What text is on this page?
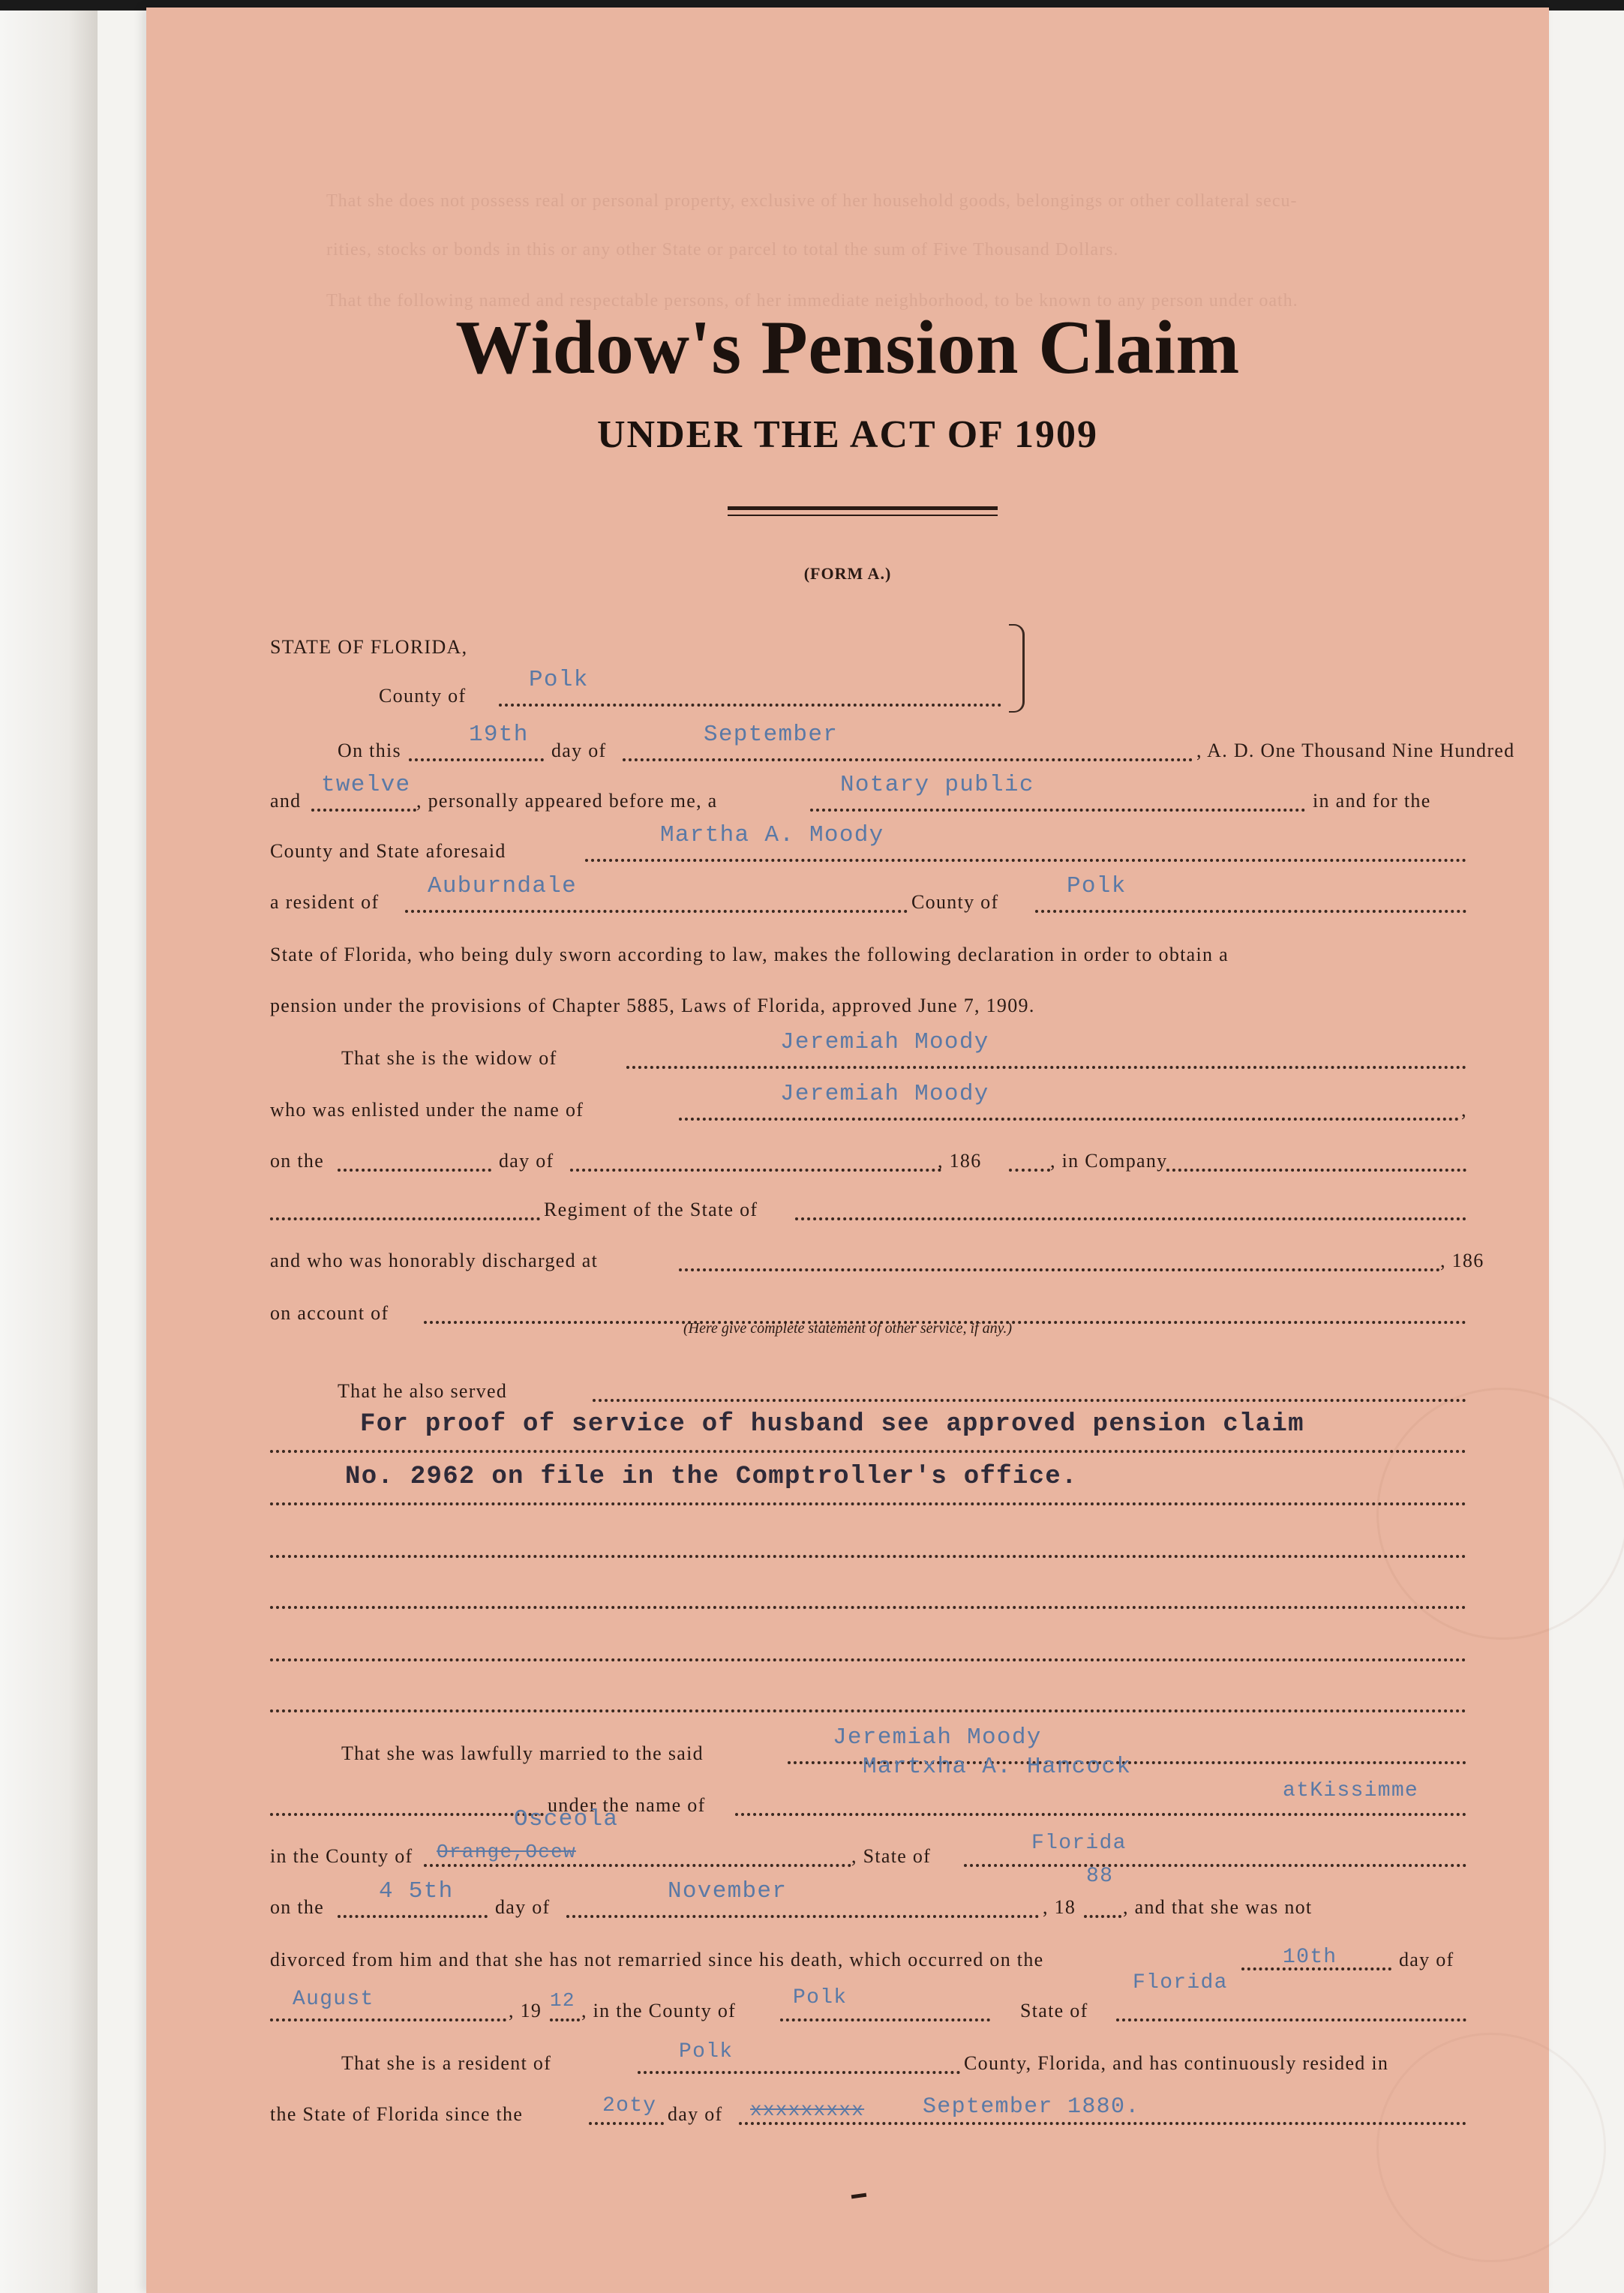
That she does not possess real or personal property, exclusive of her household goods, belongings or other collateral secu-

rities, stocks or bonds in this or any other State or parcel to total the sum of Five Thousand Dollars.

That the following named and respectable persons, of her immediate neighborhood, to be known to any person under oath.

Widow's Pension Claim
UNDER THE ACT OF 1909
(FORM A.)
STATE OF FLORIDA,
County of
Polk
On this
19th
day of
September
, A. D. One Thousand Nine Hundred
and
twelve
, personally appeared before me, a
Notary public
in and for the
County and State aforesaid
Martha A. Moody
a resident of
Auburndale
County of
Polk
State of Florida, who being duly sworn according to law, makes the following declaration in order to obtain a
pension under the provisions of Chapter 5885, Laws of Florida, approved June 7, 1909.
That she is the widow of
Jeremiah Moody
who was enlisted under the name of
Jeremiah Moody
,
on the	day of	, 186	, in Company
Regiment of the State of
and who was honorably discharged at	, 186
on account of
(Here give complete statement of other service, if any.)
That he also served
For proof of service of husband see approved pension claim
No. 2962 on file in the Comptroller's office.
That she was lawfully married to the said
Jeremiah Moody
under the name of
Martxha A. Hancock
atKissimme
in the County of
Osceola
Orange,Ocew	, State of
Florida
on the
4 5th
day of
November
, 18
88
, and that she was not
divorced from him and that she has not remarried since his death, which occurred on the	10th	day of
August	, 19 12 , in the County of
Polk
State of
Florida
That she is a resident of	Polk	County, Florida, and has continuously resided in
the State of Florida since the	2oty day of xxxxxxxxx	September 1880.
